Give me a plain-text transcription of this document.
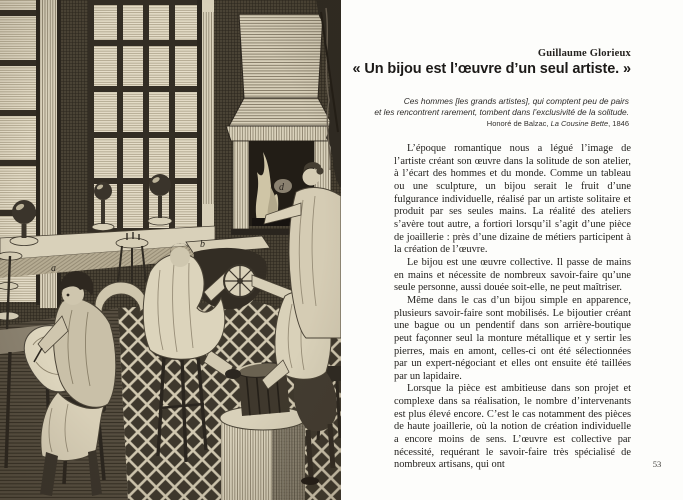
Guillaume Glorieux
« Un bijou est l’œuvre d’un seul artiste. »
Ces hommes [les grands artistes], qui comptent peu de pairs
et les rencontrent rarement, tombent dans l’exclusivité de la solitude.
Honoré de Balzac, La Cousine Bette, 1846

L’époque romantique nous a légué l’image de l’artiste créant son œuvre dans la solitude de son atelier, à l’écart des hommes et du monde. Comme un tableau ou une sculpture, un bijou serait le fruit d’une fulgurance individuelle, réalisé par un artiste solitaire et produit par ses seules mains. La réalité des ateliers s’avère tout autre, a fortiori lorsqu’il s’agit d’une pièce de joaillerie : près d’une dizaine de métiers participent à la création de l’œuvre.

Le bijou est une œuvre collective. Il passe de mains en mains et nécessite de nombreux savoir-faire qu’une seule personne, aussi douée soit-elle, ne peut maîtriser.

Même dans le cas d’un bijou simple en apparence, plusieurs savoir-faire sont mobilisés. Le bijoutier créant une bague ou un pendentif dans son arrière-boutique peut façonner seul la monture métallique et y sertir les pierres, mais en amont, celles-ci ont été sélectionnées par un expert-négociant et elles ont ensuite été taillées par un lapidaire.

Lorsque la pièce est ambitieuse dans son projet et complexe dans sa réalisation, le nombre d’intervenants est plus élevé encore. C’est le cas notamment des pièces de haute joaillerie, où la notion de création individuelle a encore moins de sens. L’œuvre est collective par nécessité, requérant le savoir-faire très spécialisé de nombreux artisans, qui ont	53
